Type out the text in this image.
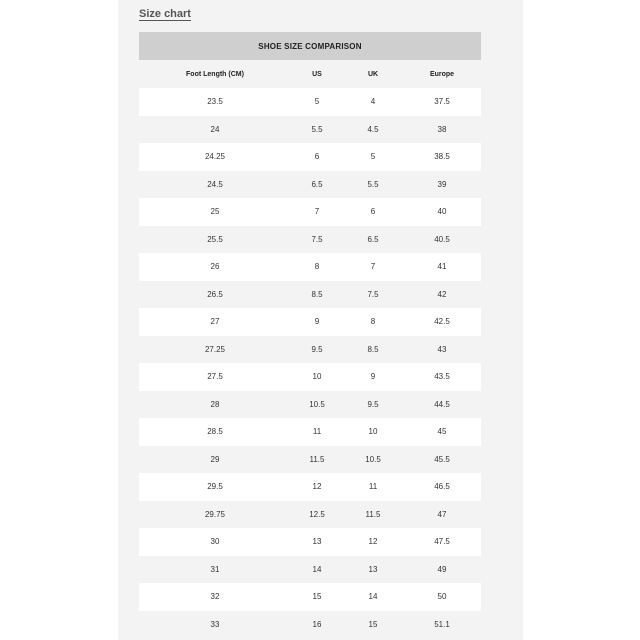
Size chart
SHOE SIZE COMPARISON
Foot Length (CM)	US	UK	Europe
23.5	5	4	37.5
24	5.5	4.5	38
24.25	6	5	38.5
24.5	6.5	5.5	39
25	7	6	40
25.5	7.5	6.5	40.5
26	8	7	41
26.5	8.5	7.5	42
27	9	8	42.5
27.25	9.5	8.5	43
27.5	10	9	43.5
28	10.5	9.5	44.5
28.5	11	10	45
29	11.5	10.5	45.5
29.5	12	11	46.5
29.75	12.5	11.5	47
30	13	12	47.5
31	14	13	49
32	15	14	50
33	16	15	51.1
